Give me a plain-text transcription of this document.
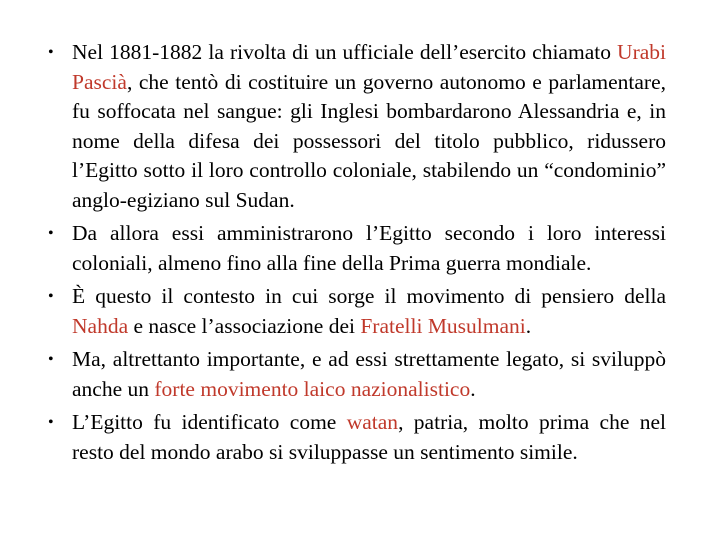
• Nel 1881-1882 la rivolta di un ufficiale dell’esercito chiamato Urabi Pascià, che tentò di costituire un governo autonomo e parlamentare, fu soffocata nel sangue: gli Inglesi bombardarono Alessandria e, in nome della difesa dei possessori del titolo pubblico, ridussero l’Egitto sotto il loro controllo coloniale, stabilendo un “condominio” anglo-egiziano sul Sudan.
• Da allora essi amministrarono l’Egitto secondo i loro interessi coloniali, almeno fino alla fine della Prima guerra mondiale.
• È questo il contesto in cui sorge il movimento di pensiero della Nahda e nasce l’associazione dei Fratelli Musulmani.
• Ma, altrettanto importante, e ad essi strettamente legato, si sviluppò anche un forte movimento laico nazionalistico.
• L’Egitto fu identificato come watan, patria, molto prima che nel resto del mondo arabo si sviluppasse un sentimento simile.
